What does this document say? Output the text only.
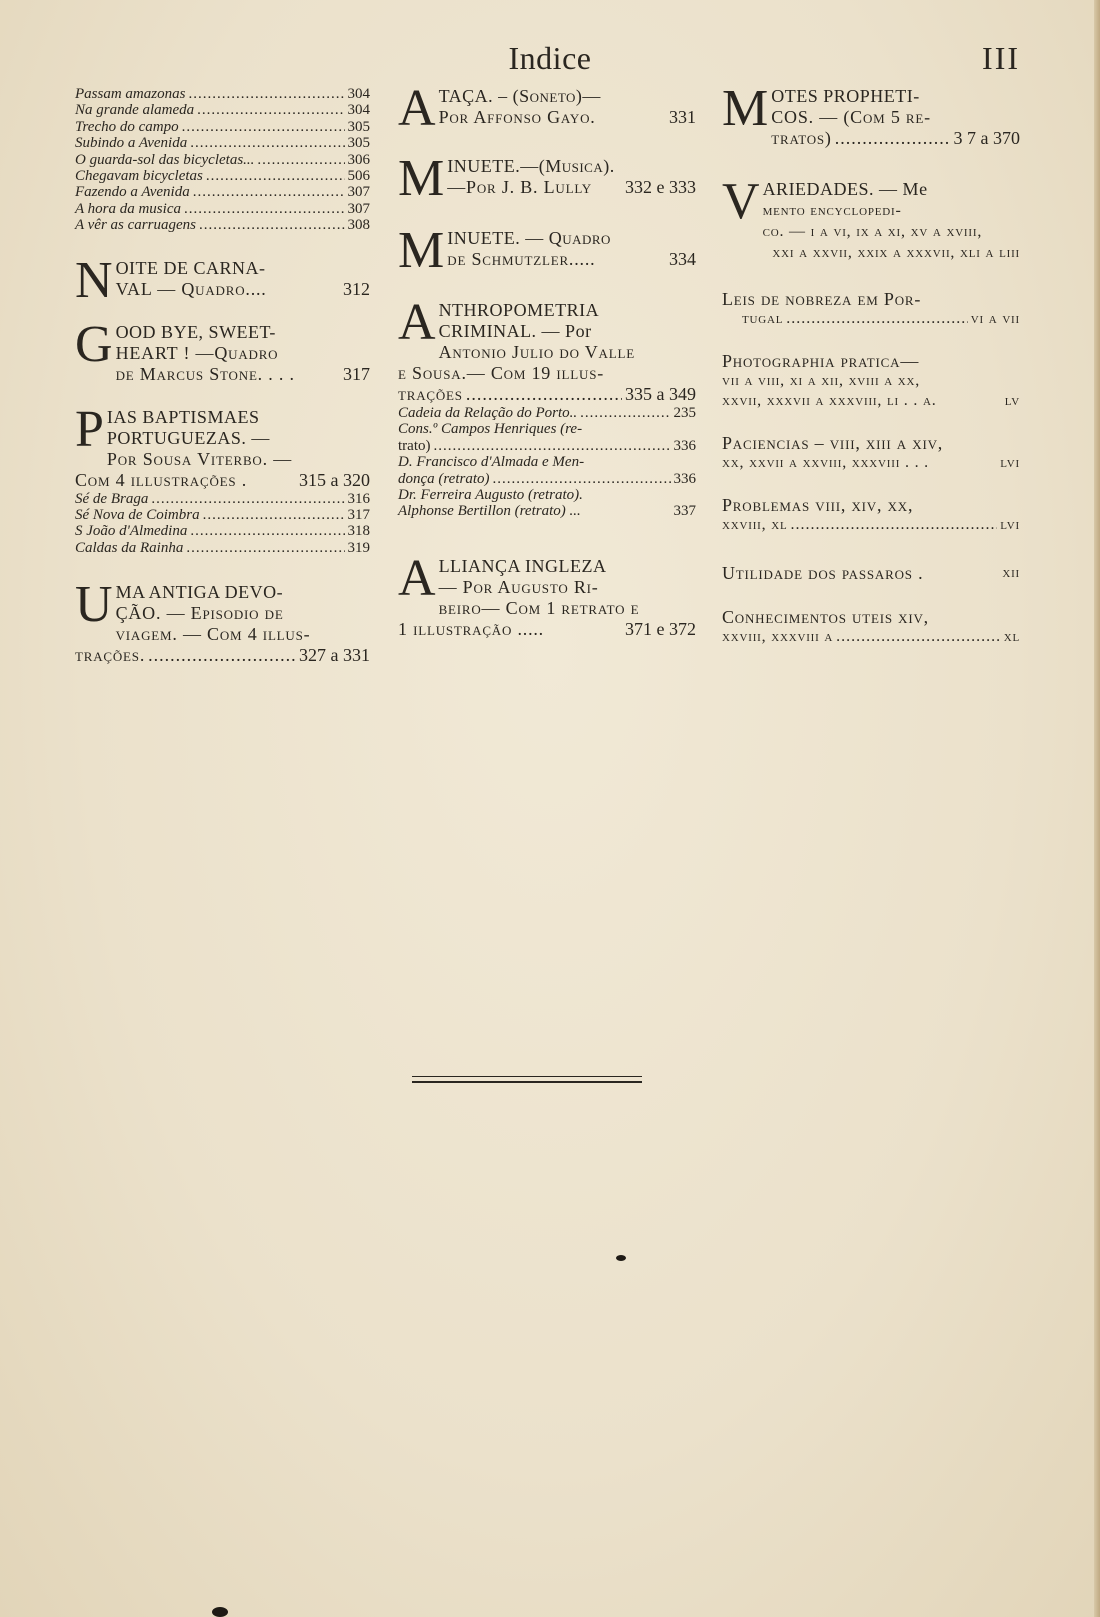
Indice	III
Passam amazonas .....	304
Na grande alameda .....	304
Trecho do campo .....	305
Subindo a Avenida .....	305
O guarda-sol das bicycletas... .....	306
Chegavam bicycletas .....	506
Fazendo a Avenida .....	307
A hora da musica .....	307
A vêr as carruagens .....	308
N OITE DE CARNA-
VAL — Quadro....	312
G OOD BYE, SWEET-
HEART ! —Quadro
de Marcus Stone. . . .	317
P IAS BAPTISMAES
PORTUGUEZAS. —
Por Sousa Viterbo. —
Com 4 illustrações .	315 a 320
Sé de Braga .....	316
Sé Nova de Coimbra .....	317
S João d'Almedina .....	318
Caldas da Rainha .....	319
U MA ANTIGA DEVO-
ÇÃO. — Episodio de
viagem. — Com 4 illus-
trações. .....	327 a 331
A TAÇA. – (Soneto)—
Por Affonso Gayo.	331
M INUETE.—(Musica).
—Por J. B. Lully 332 e 333
M INUETE. — Quadro
de Schmutzler.....	334
A NTHROPOMETRIA
CRIMINAL. — Por
Antonio Julio do Valle
e Sousa.— Com 19 illus-
trações .....	335 a 349
Cadeia da Relação do Porto.. .....	235
Cons.º Campos Henriques (re-
trato) .....	336
D. Francisco d'Almada e Men-
donça (retrato) .....	336
Dr. Ferreira Augusto (retrato).
Alphonse Bertillon (retrato) ...	337
A LLIANÇA INGLEZA
— Por Augusto Ri-
beiro— Com 1 retrato e
1 illustração .....	371 e 372
M OTES PROPHETI-
COS. — (Com 5 re-
tratos) .....	3 7 a 370
V ARIEDADES. — Me
mento encyclopedi-
co. — i a vi, ix a xi, xv a xviii,
xxi a xxvii, xxix a xxxvii, xli a liii
Leis de nobreza em Por-
tugal .....	vi a vii
Photographia pratica—
vii a viii, xi a xii, xviii a xx,
xxvii, xxxvii a xxxviii, li . . a.	lv
Paciencias – viii, xiii a xiv,
xx, xxvii a xxviii, xxxviii . . .	lvi
Problemas viii, xiv, xx,
xxviii, xl .....	lvi
Utilidade dos passaros .	xii
Conhecimentos uteis xiv,
xxviii, xxxviii a .....	xl
